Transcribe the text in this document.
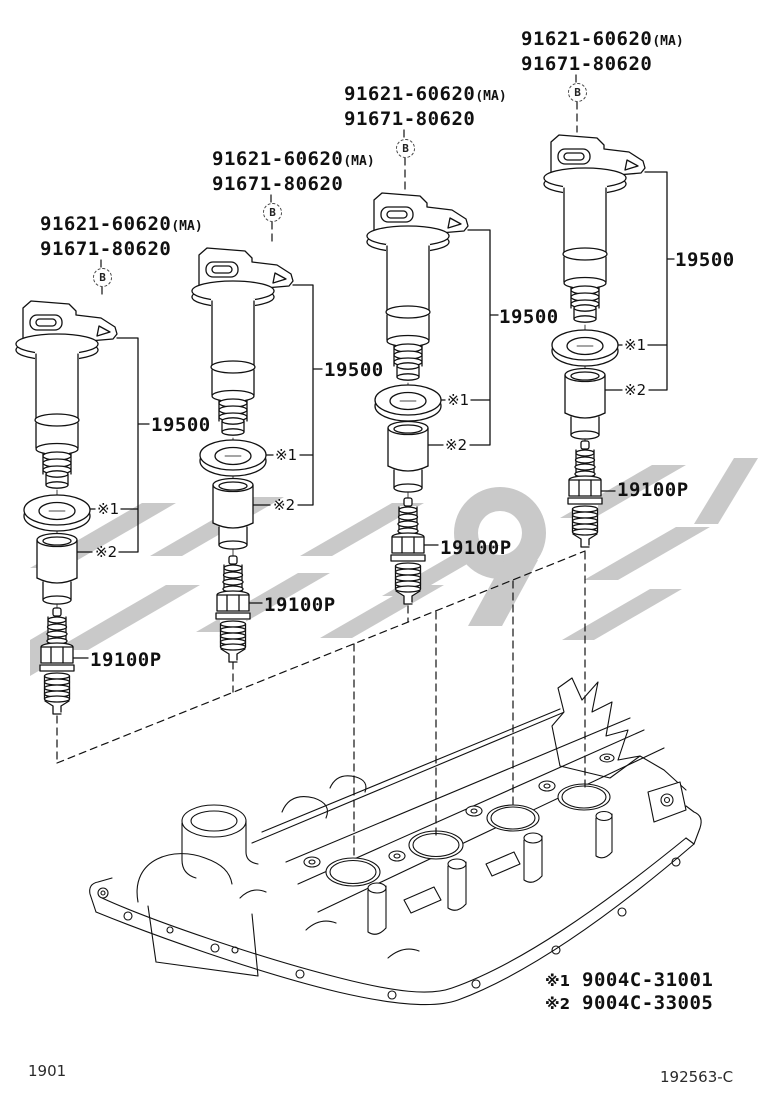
91621-60620(MA)
91671-80620
91621-60620(MA)
91671-80620
91621-60620(MA)
91671-80620
91621-60620(MA)
91671-80620
B
B
B
B
19500
19500
19500
19500
※1
※2
※1
※2
※1
※2
※1
※2
19100P
19100P
19100P
19100P
※1 9004C-31001
※2 9004C-33005
1901	192563-C
